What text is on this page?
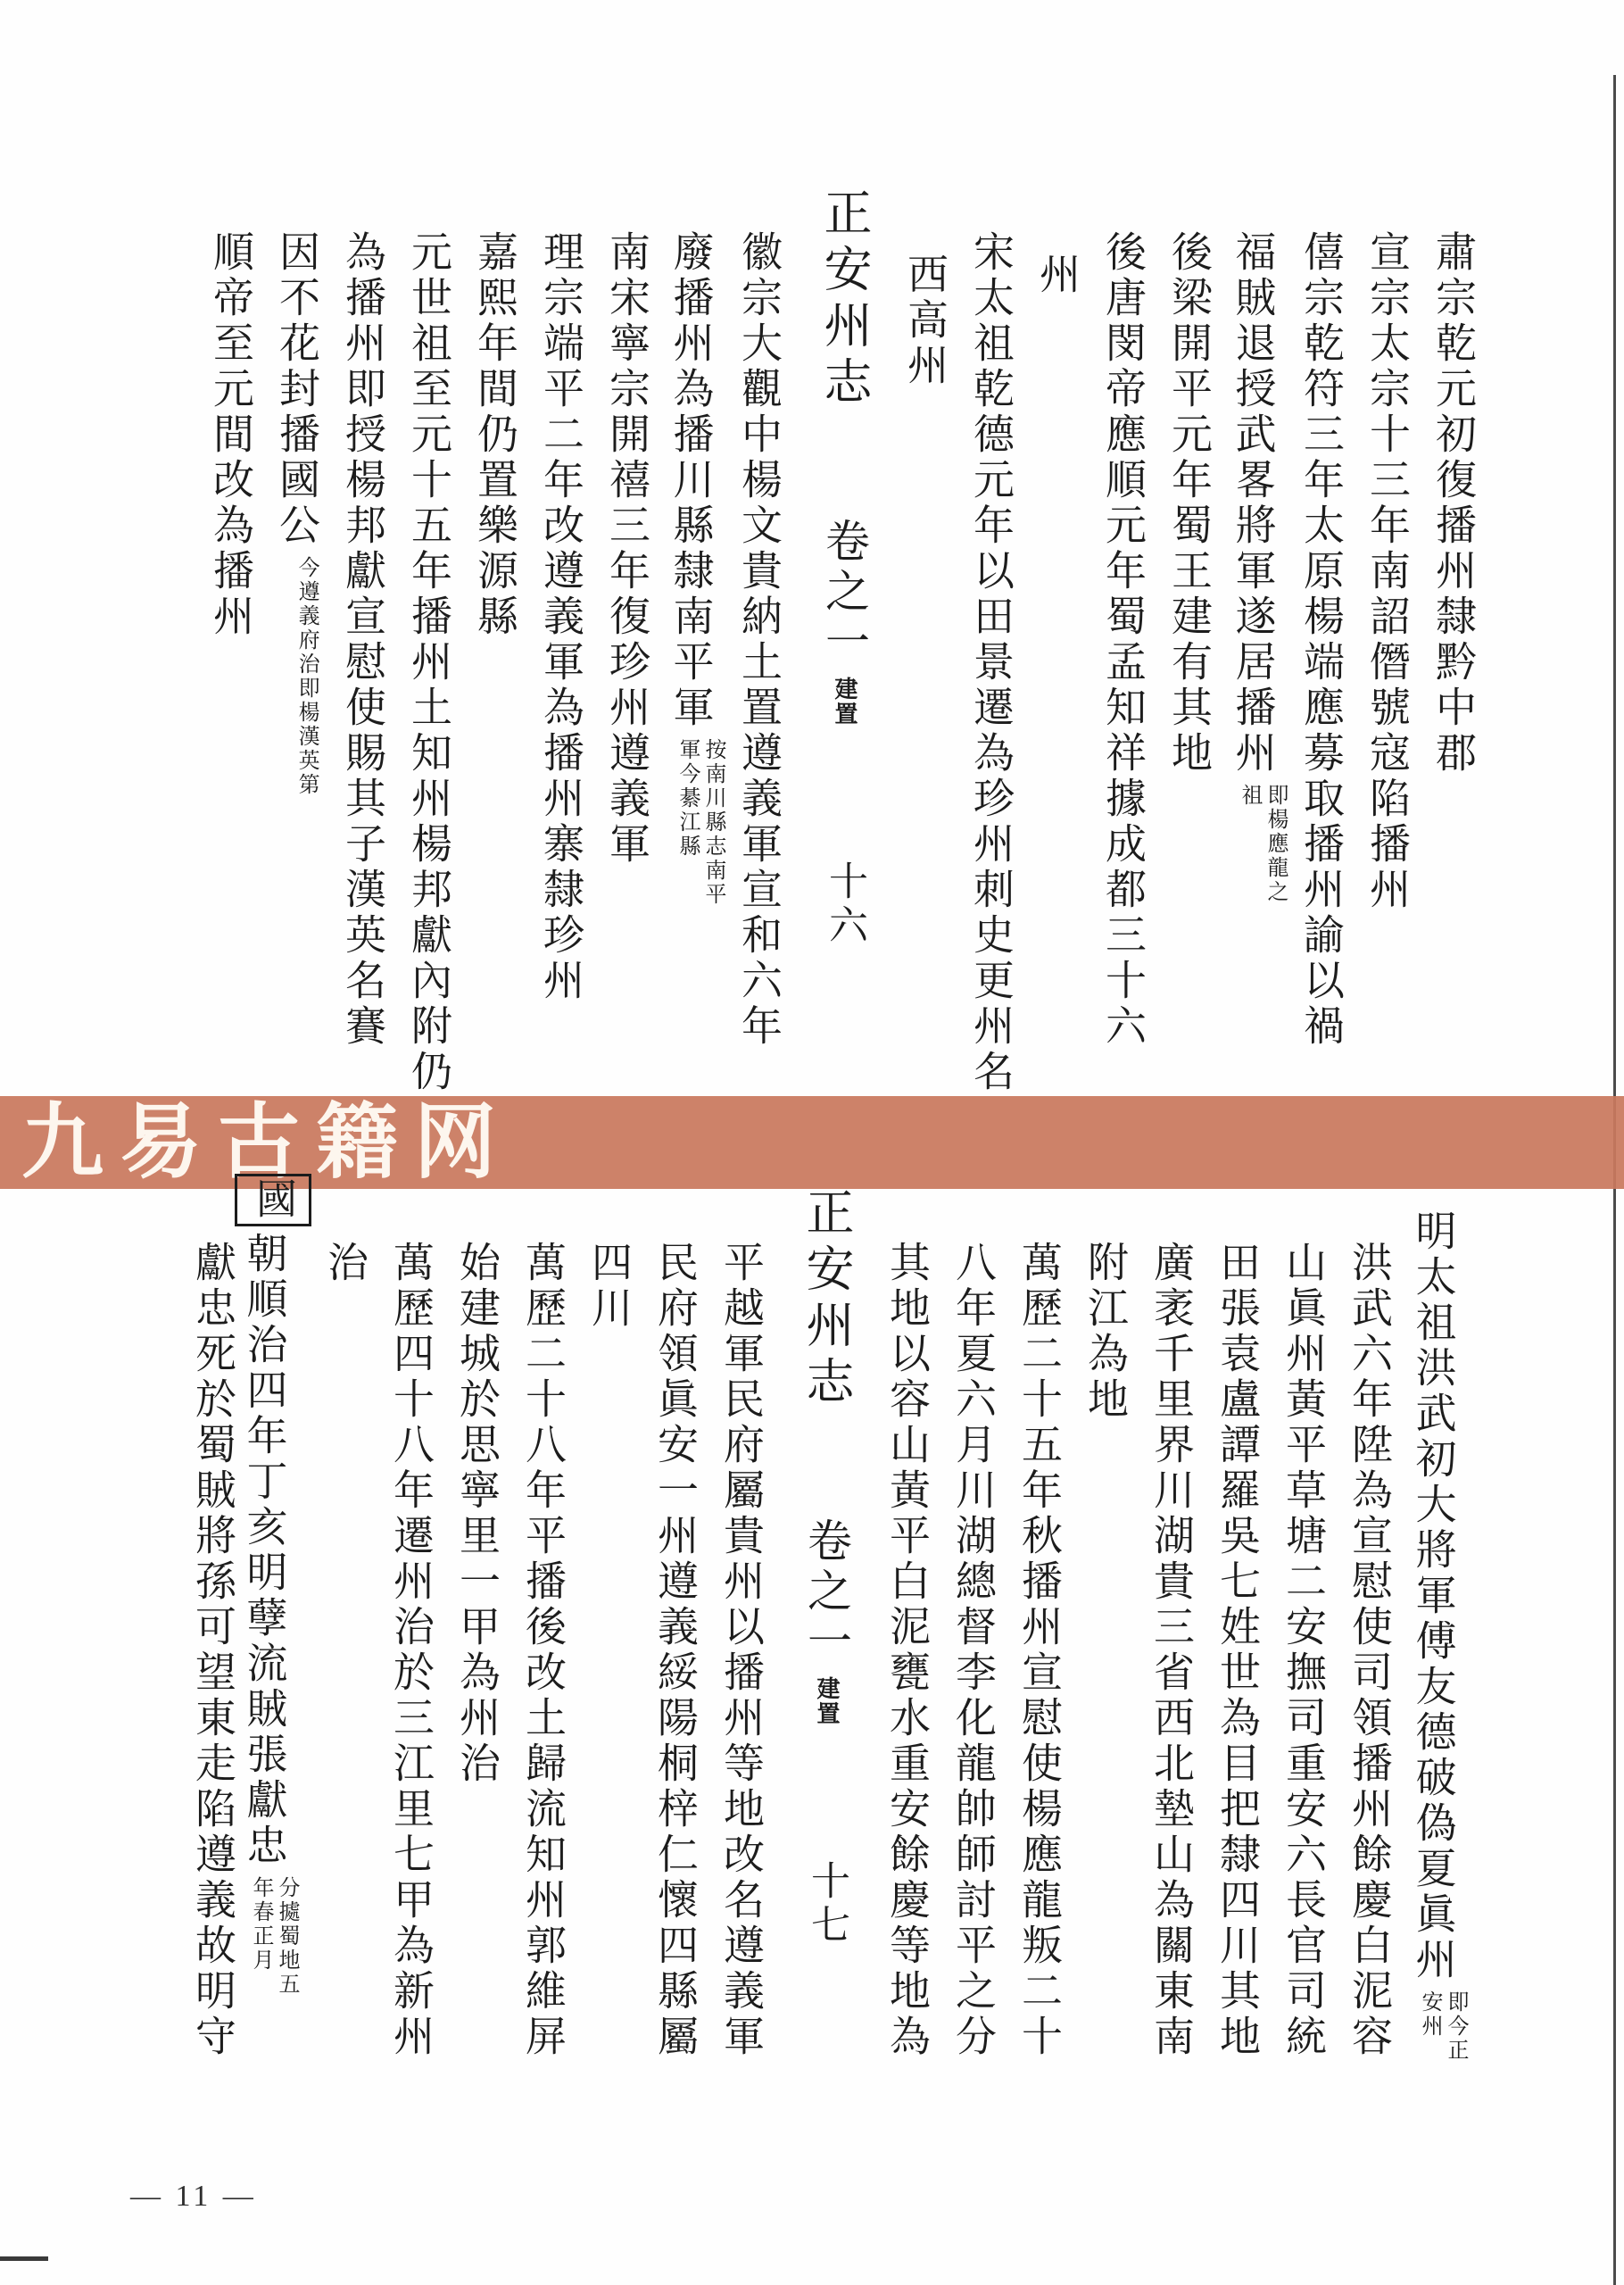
九易古籍网
肅宗乾元初復播州隸黔中郡
宣宗太宗十三年南詔僭號寇陷播州
僖宗乾符三年太原楊端應募取播州諭以禍
福賊退授武畧將軍遂居播州
即楊應龍之
祖
後梁開平元年蜀王建有其地
後唐閔帝應順元年蜀孟知祥據成都三十六
州
宋太祖乾德元年以田景遷為珍州刺史更州名
西高州
正安州志卷之一建置十六
徽宗大觀中楊文貴納土置遵義軍宣和六年
廢播州為播川縣隸南平軍
按南川縣志南平
軍今綦江縣
南宋寧宗開禧三年復珍州遵義軍
理宗端平二年改遵義軍為播州寨隸珍州
嘉熙年間仍置樂源縣
元世祖至元十五年播州土知州楊邦獻內附仍
為播州即授楊邦獻宣慰使賜其子漢英名賽
因不花封播國公
今遵義府治即楊漢英第
順帝至元間改為播州
明太祖洪武初大將軍傅友德破偽夏眞州
即今正
安州
洪武六年陞為宣慰使司領播州餘慶白泥容
山眞州黃平草塘二安撫司重安六長官司統
田張袁盧譚羅吳七姓世為目把隸四川其地
廣袤千里界川湖貴三省西北墊山為關東南
附江為地
萬歷二十五年秋播州宣慰使楊應龍叛二十
八年夏六月川湖總督李化龍帥師討平之分
其地以容山黃平白泥甕水重安餘慶等地為
正安州志卷之一建置十七
平越軍民府屬貴州以播州等地改名遵義軍
民府領眞安一州遵義綏陽桐梓仁懷四縣屬
四川
萬歷二十八年平播後改土歸流知州郭維屏
始建城於思寧里一甲為州治
萬歷四十八年遷州治於三江里七甲為新州
治
國朝順治四年丁亥明孽流賊張獻忠
分㨿蜀地五
年春正月
獻忠死於蜀賊將孫可望東走陷遵義故明守
— 11 —
